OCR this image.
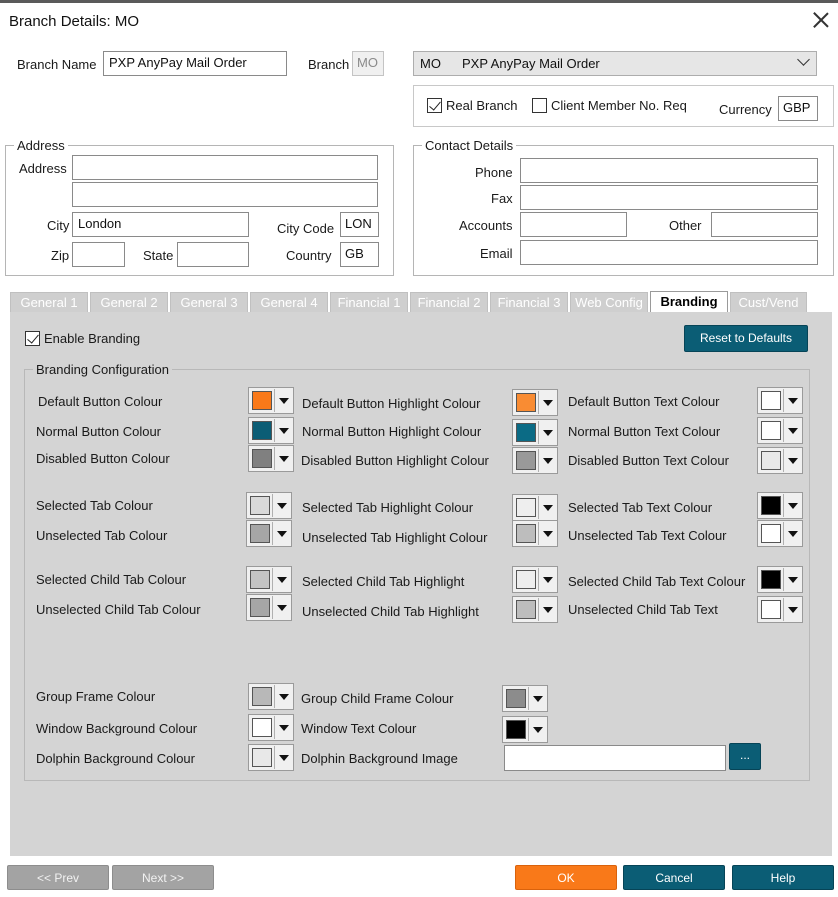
Branch Details: MO
Branch Name PXP AnyPay Mail Order	Branch MO	MO PXP AnyPay Mail Order
Real Branch	Client Member No. Req Currency GBP
Address
Address
City London	City Code LON
Zip	State	Country	GB
Contact Details
Phone
Fax
Accounts	Other
Email
General 1	General 2	General 3	General 4	Financial 1	Financial 2	Financial 3	Web Config	Branding	Cust/Vend
Enable Branding	Reset to Defaults
Branding Configuration
Default Button Colour	Default Button Highlight Colour	Default Button Text Colour
Normal Button Colour	Normal Button Highlight Colour	Normal Button Text Colour
Disabled Button Colour	Disabled Button Highlight Colour	Disabled Button Text Colour
Selected Tab Colour	Selected Tab Highlight Colour	Selected Tab Text Colour
Unselected Tab Colour	Unselected Tab Highlight Colour	Unselected Tab Text Colour
Selected Child Tab Colour	Selected Child Tab Highlight	Selected Child Tab Text Colour
Unselected Child Tab Colour	Unselected Child Tab Highlight	Unselected Child Tab Text
Group Frame Colour	Group Child Frame Colour
Window Background Colour	Window Text Colour
Dolphin Background Colour	Dolphin Background Image	...
<< Prev	Next >>	OK	Cancel	Help
